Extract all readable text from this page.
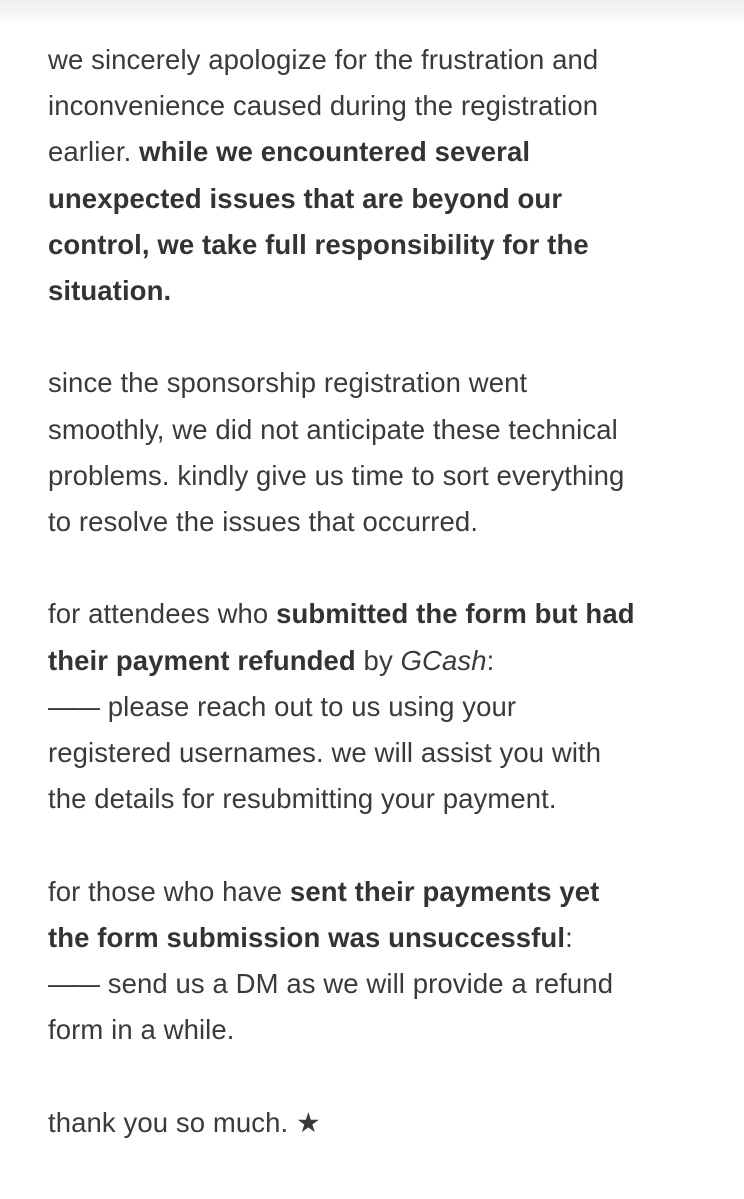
we sincerely apologize for the frustration and
inconvenience caused during the registration
earlier. while we encountered several
unexpected issues that are beyond our
control, we take full responsibility for the
situation.

since the sponsorship registration went
smoothly, we did not anticipate these technical
problems. kindly give us time to sort everything
to resolve the issues that occurred.

for attendees who submitted the form but had
their payment refunded by GCash:
—— please reach out to us using your
registered usernames. we will assist you with
the details for resubmitting your payment.

for those who have sent their payments yet
the form submission was unsuccessful:
—— send us a DM as we will provide a refund
form in a while.

thank you so much. ★
